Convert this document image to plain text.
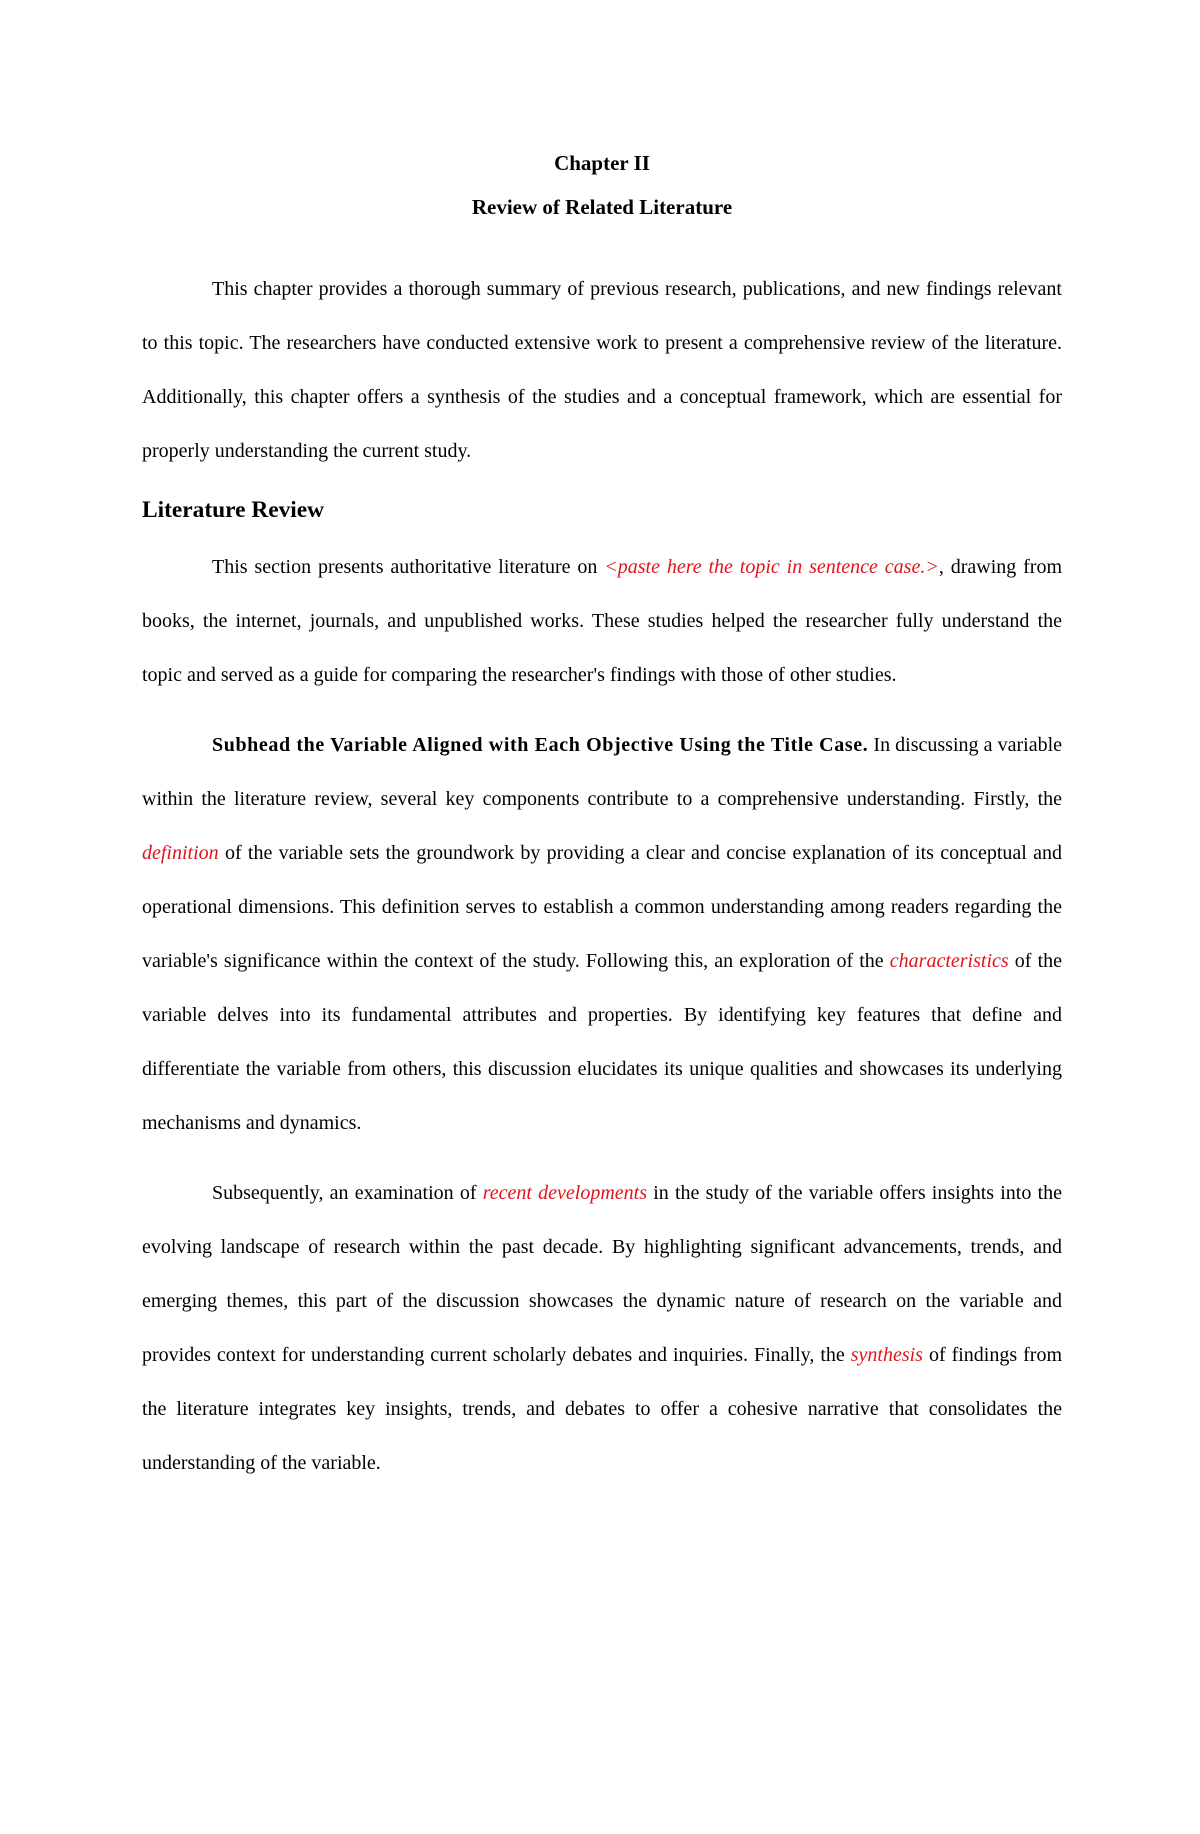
Chapter II
Review of Related Literature

This chapter provides a thorough summary of previous research, publications, and new findings relevant to this topic. The researchers have conducted extensive work to present a comprehensive review of the literature. Additionally, this chapter offers a synthesis of the studies and a conceptual framework, which are essential for properly understanding the current study.

Literature Review

This section presents authoritative literature on <paste here the topic in sentence case.>, drawing from books, the internet, journals, and unpublished works. These studies helped the researcher fully understand the topic and served as a guide for comparing the researcher's findings with those of other studies.

Subhead the Variable Aligned with Each Objective Using the Title Case. In discussing a variable within the literature review, several key components contribute to a comprehensive understanding. Firstly, the definition of the variable sets the groundwork by providing a clear and concise explanation of its conceptual and operational dimensions. This definition serves to establish a common understanding among readers regarding the variable's significance within the context of the study. Following this, an exploration of the characteristics of the variable delves into its fundamental attributes and properties. By identifying key features that define and differentiate the variable from others, this discussion elucidates its unique qualities and showcases its underlying mechanisms and dynamics.

Subsequently, an examination of recent developments in the study of the variable offers insights into the evolving landscape of research within the past decade. By highlighting significant advancements, trends, and emerging themes, this part of the discussion showcases the dynamic nature of research on the variable and provides context for understanding current scholarly debates and inquiries. Finally, the synthesis of findings from the literature integrates key insights, trends, and debates to offer a cohesive narrative that consolidates the understanding of the variable.
